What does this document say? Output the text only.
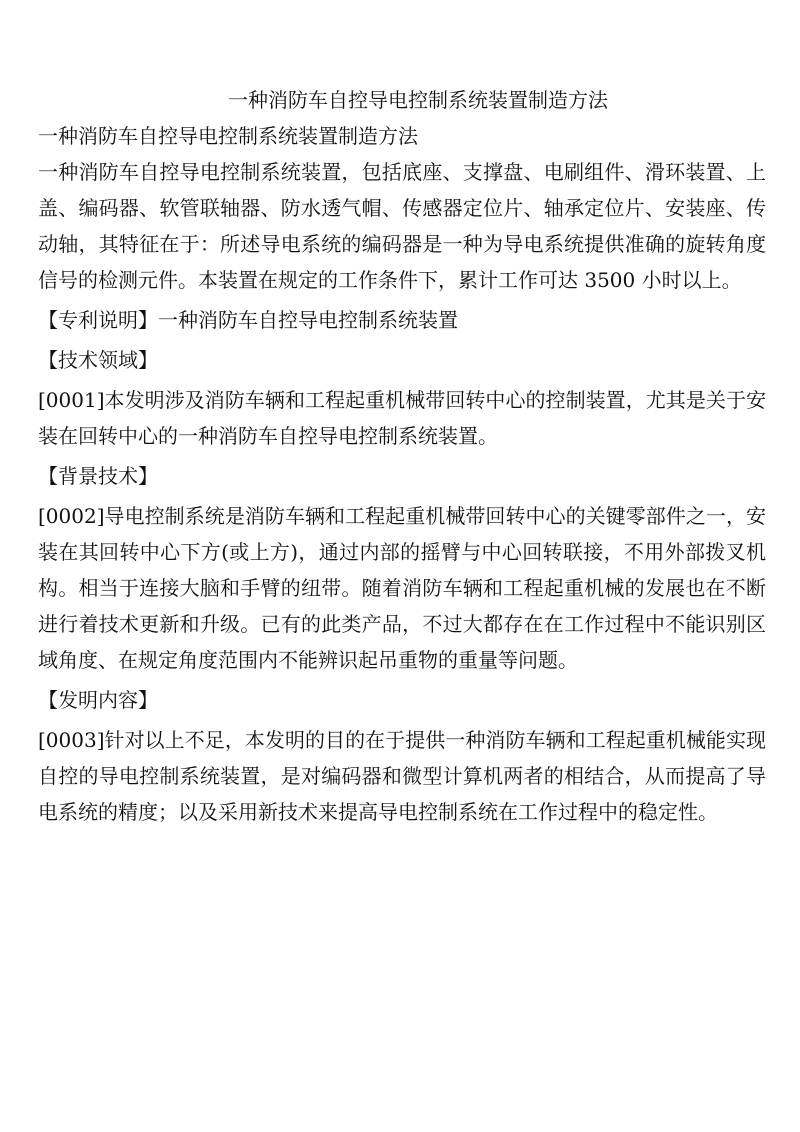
一种消防车自控导电控制系统装置制造方法

一种消防车自控导电控制系统装置制造方法

一种消防车自控导电控制系统装置，包括底座、支撑盘、电刷组件、滑环装置、上盖、编码器、软管联轴器、防水透气帽、传感器定位片、轴承定位片、安装座、传动轴，其特征在于：所述导电系统的编码器是一种为导电系统提供准确的旋转角度信号的检测元件。本装置在规定的工作条件下，累计工作可达 3500 小时以上。

【专利说明】一种消防车自控导电控制系统装置

【技术领域】

[0001]本发明涉及消防车辆和工程起重机械带回转中心的控制装置，尤其是关于安装在回转中心的一种消防车自控导电控制系统装置。

【背景技术】

[0002]导电控制系统是消防车辆和工程起重机械带回转中心的关键零部件之一，安装在其回转中心下方(或上方)，通过内部的摇臂与中心回转联接，不用外部拨叉机构。相当于连接大脑和手臂的纽带。随着消防车辆和工程起重机械的发展也在不断进行着技术更新和升级。已有的此类产品，不过大都存在在工作过程中不能识别区域角度、在规定角度范围内不能辨识起吊重物的重量等问题。

【发明内容】

[0003]针对以上不足，本发明的目的在于提供一种消防车辆和工程起重机械能实现自控的导电控制系统装置，是对编码器和微型计算机两者的相结合，从而提高了导电系统的精度；以及采用新技术来提高导电控制系统在工作过程中的稳定性。
